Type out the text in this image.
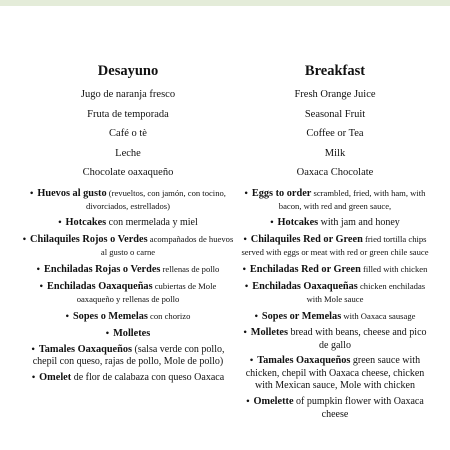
Desayuno

Jugo de naranja fresco

Fruta de temporada

Café o tè

Leche

Chocolate oaxaqueño

• Huevos al gusto (revueltos, con jamón, con tocino, divorciados, estrellados)
• Hotcakes con mermelada y miel
• Chilaquiles Rojos o Verdes acompañados de huevos al gusto o carne
• Enchiladas Rojas o Verdes rellenas de pollo
• Enchiladas Oaxaqueñas cubiertas de Mole oaxaqueño y rellenas de pollo
• Sopes o Memelas con chorizo
• Molletes
• Tamales Oaxaqueños (salsa verde con pollo, chepil con queso, rajas de pollo, Mole de pollo)
• Omelet de flor de calabaza con queso Oaxaca
Breakfast

Fresh Orange Juice

Seasonal Fruit

Coffee or Tea

Milk

Oaxaca Chocolate

• Eggs to order scrambled, fried, with ham, with bacon, with red and green sauce,
• Hotcakes with jam and honey
• Chilaquiles Red or Green fried tortilla chips served with eggs or meat with red or green chile sauce
• Enchiladas Red or Green filled with chicken
• Enchiladas Oaxaqueñas chicken enchiladas with Mole sauce
• Sopes or Memelas with Oaxaca sausage
• Molletes bread with beans, cheese and pico de gallo
• Tamales Oaxaqueños green sauce with chicken, chepil with Oaxaca cheese, chicken with Mexican sauce, Mole with chicken
• Omelette of pumpkin flower with Oaxaca cheese
